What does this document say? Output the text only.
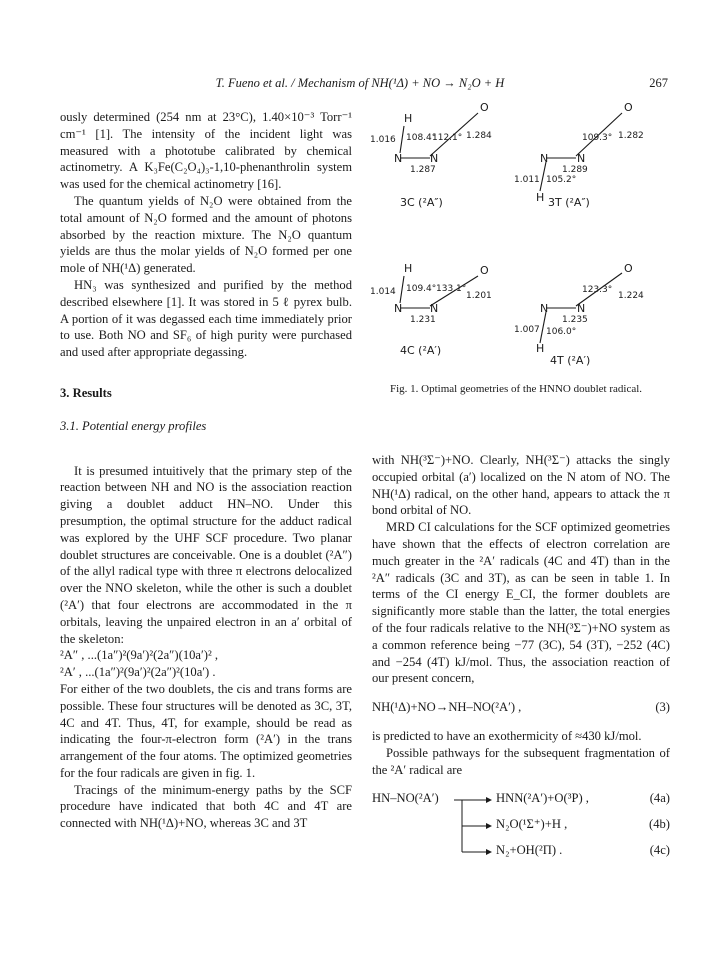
T. Fueno et al. / Mechanism of NH(¹Δ) + NO → N₂O + H	267

ously determined (254 nm at 23°C), 1.40×10⁻³ Torr⁻¹ cm⁻¹ [1]. The intensity of the incident light was measured with a phototube calibrated by chemical actinometry. A K₃Fe(C₂O₄)₃-1,10-phenanthrolin system was used for the chemical actinometry [16].

The quantum yields of N₂O were obtained from the total amount of N₂O formed and the amount of photons absorbed by the reaction mixture. The N₂O quantum yields are thus the molar yields of N₂O formed per one mole of NH(¹Δ) generated.

HN₃ was synthesized and purified by the method described elsewhere [1]. It was stored in 5 ℓ pyrex bulb. A portion of it was degassed each time immediately prior to use. Both NO and SF₆ of high purity were purchased and used after appropriate degassing.

3. Results

3.1. Potential energy profiles

It is presumed intuitively that the primary step of the reaction between NH and NO is the association reaction giving a doublet adduct HN–NO. Under this presumption, the optimal structure for the adduct radical was explored by the UHF SCF procedure. Two planar doublet structures are conceivable. One is a doublet (²A″) of the allyl radical type with three π electrons delocalized over the NNO skeleton, while the other is such a doublet (²A′) that four electrons are accommodated in the π orbitals, leaving the unpaired electron in an a′ orbital of the skeleton:

²A″ , ...(1a″)²(9a′)²(2a″)(10a′)² ,

²A′ , ...(1a″)²(9a′)²(2a″)²(10a′) .

For either of the two doublets, the cis and trans forms are possible. These four structures will be denoted as 3C, 3T, 4C and 4T. Thus, 4T, for example, should be read as indicating the four-π-electron form (²A′) in the trans arrangement of the four atoms. The optimized geometries for the four radicals are given in fig. 1.

Tracings of the minimum-energy paths by the SCF procedure have indicated that both 4C and 4T are connected with NH(¹Δ)+NO, whereas 3C and 3T

H
O
N	N
1.016 108.4°
112.1° 1.284
1.287
3C (²A″)
O
109.3° 1.282
N	N
1.289
1.011 105.2°
H 3T (²A″)
H	O
N	N
1.014 109.4° 133.1°
1.201
1.231
4C (²A′)
O
123.3°
1.224
N	N
1.235
1.007 106.0°
H
4T (²A′)
Fig. 1. Optimal geometries of the HNNO doublet radical.

with NH(³Σ⁻)+NO. Clearly, NH(³Σ⁻) attacks the singly occupied orbital (a′) localized on the N atom of NO. The NH(¹Δ) radical, on the other hand, appears to attack the π bond orbital of NO.

MRD CI calculations for the SCF optimized geometries have shown that the effects of electron correlation are much greater in the ²A′ radicals (4C and 4T) than in the ²A″ radicals (3C and 3T), as can be seen in table 1. In terms of the CI energy E_CI, the former doublets are significantly more stable than the latter, the total energies of the four radicals relative to the NH(³Σ⁻)+NO system as a common reference being −77 (3C), 54 (3T), −252 (4C) and −254 (4T) kJ/mol. Thus, the association reaction of our present concern,

NH(¹Δ)+NO→NH–NO(²A′) ,	(3)

is predicted to have an exothermicity of ≈430 kJ/mol.

Possible pathways for the subsequent fragmentation of the ²A′ radical are

HN–NO(²A′)	HNN(²A′)+O(³P) ,	(4a)
N₂O(¹Σ⁺)+H ,	(4b)
N₂+OH(²Π) .	(4c)
